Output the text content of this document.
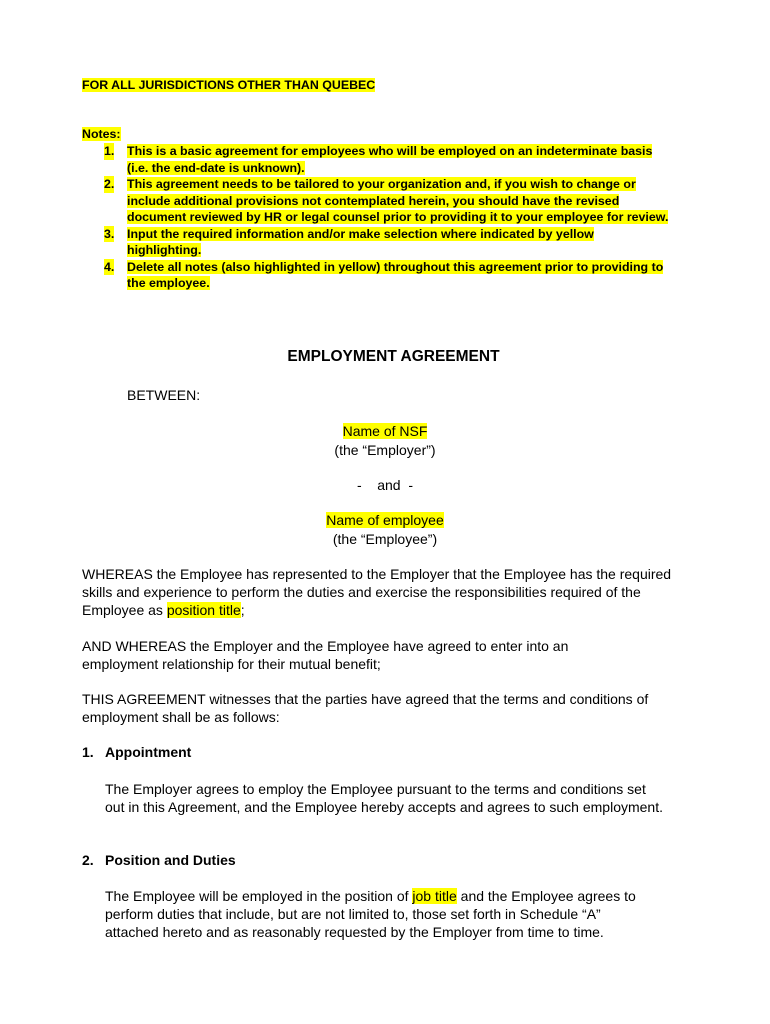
FOR ALL JURISDICTIONS OTHER THAN QUEBEC
Notes:
1. This is a basic agreement for employees who will be employed on an indeterminate basis (i.e. the end-date is unknown).
2. This agreement needs to be tailored to your organization and, if you wish to change or include additional provisions not contemplated herein, you should have the revised document reviewed by HR or legal counsel prior to providing it to your employee for review.
3. Input the required information and/or make selection where indicated by yellow highlighting.
4. Delete all notes (also highlighted in yellow) throughout this agreement prior to providing to the employee.
EMPLOYMENT AGREEMENT
BETWEEN:
Name of NSF
(the “Employer”)
-    and  -
Name of employee
(the “Employee”)

WHEREAS the Employee has represented to the Employer that the Employee has the required skills and experience to perform the duties and exercise the responsibilities required of the Employee as position title;

AND WHEREAS the Employer and the Employee have agreed to enter into an employment relationship for their mutual benefit;

THIS AGREEMENT witnesses that the parties have agreed that the terms and conditions of employment shall be as follows:

1. Appointment

The Employer agrees to employ the Employee pursuant to the terms and conditions set out in this Agreement, and the Employee hereby accepts and agrees to such employment.

2. Position and Duties

The Employee will be employed in the position of job title and the Employee agrees to perform duties that include, but are not limited to, those set forth in Schedule “A” attached hereto and as reasonably requested by the Employer from time to time.
